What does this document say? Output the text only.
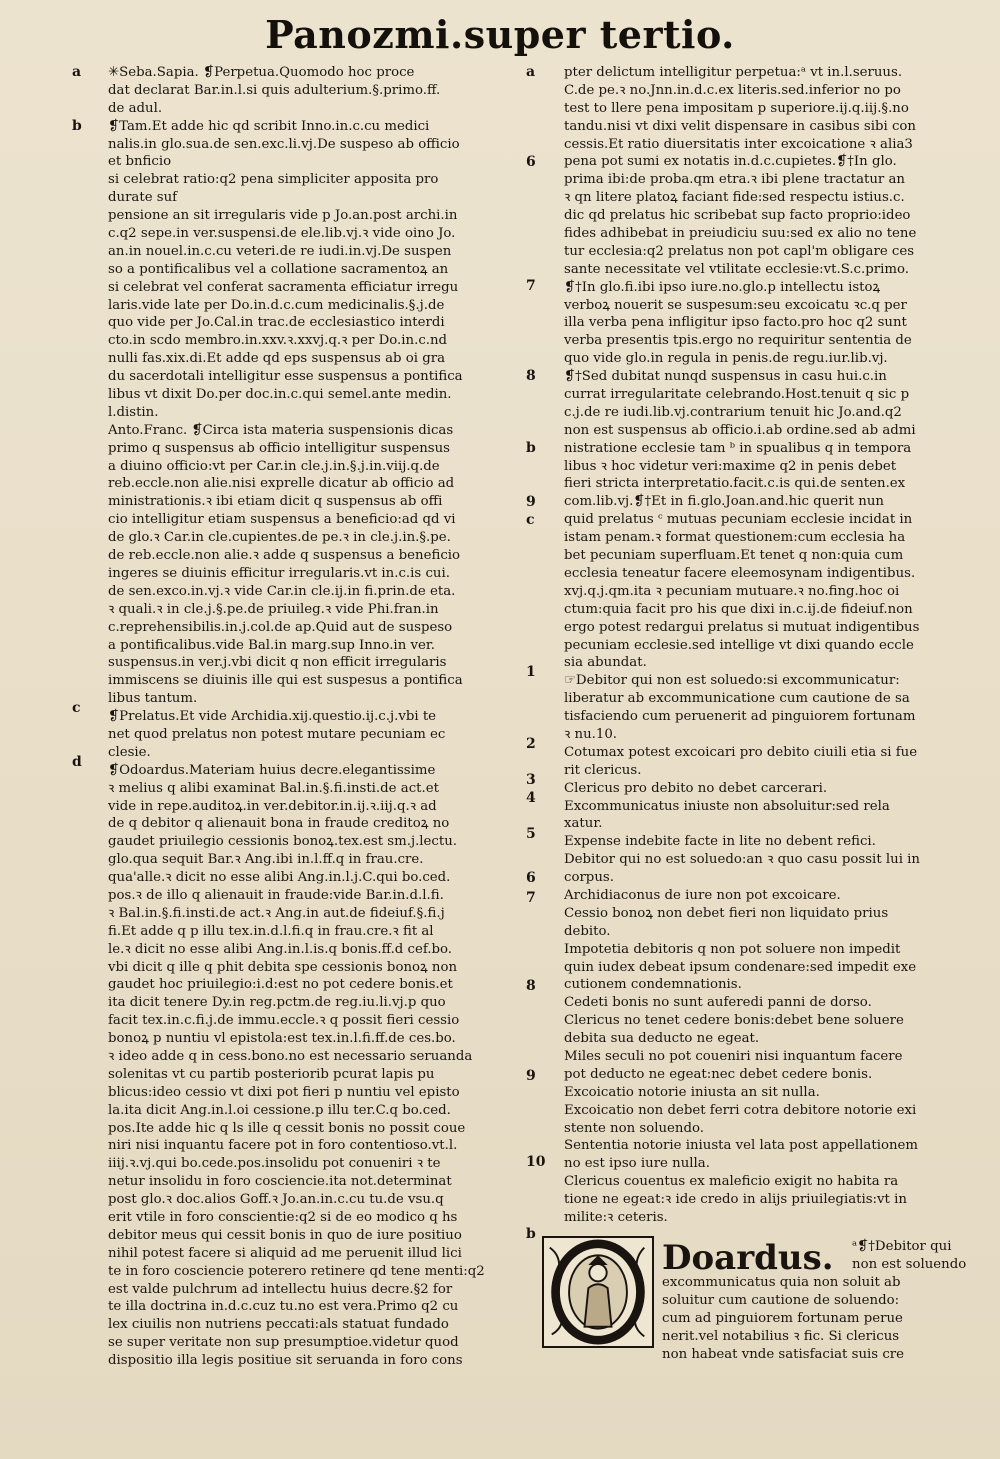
Panozmi.super tertio.
a
b
c
d
a
6
7
8
b
9
c
1
2
3
4
5
6
7
8
9
10
b
✳Seba.Sapia. ❡Perpetua.Quomodo hoc proce
dat declarat Bar.in.l.si quis adulterium.§.primo.ff.
de adul.
❡Tam.Et adde hic qd scribit Inno.in.c.cu medici
nalis.in glo.sua.de sen.exc.li.vj.De suspeso ab officio
et bnficio
si celebrat ratio:q2 pena simpliciter apposita pro
durate suf
pensione an sit irregularis vide p Jo.an.post archi.in
c.q2 sepe.in ver.suspensi.de ele.lib.vj.ꝛ vide oino Jo.
an.in nouel.in.c.cu veteri.de re iudi.in.vj.De suspen
so a pontificalibus vel a collatione sacramentoꝝ an
si celebrat vel conferat sacramenta efficiatur irregu
laris.vide late per Do.in.d.c.cum medicinalis.§.j.de
quo vide per Jo.Cal.in trac.de ecclesiastico interdi
cto.in scdo membro.in.xxv.ꝛ.xxvj.q.ꝛ per Do.in.c.nd
nulli fas.xix.di.Et adde qd eps suspensus ab oi gra
du sacerdotali intelligitur esse suspensus a pontifica
libus vt dixit Do.per doc.in.c.qui semel.ante medin.
l.distin.
Anto.Franc. ❡Circa ista materia suspensionis dicas
primo q suspensus ab officio intelligitur suspensus
a diuino officio:vt per Car.in cle.j.in.§.j.in.viij.q.de
reb.eccle.non alie.nisi exprelle dicatur ab officio ad
ministrationis.ꝛ ibi etiam dicit q suspensus ab offi
cio intelligitur etiam suspensus a beneficio:ad qd vi
de glo.ꝛ Car.in cle.cupientes.de pe.ꝛ in cle.j.in.§.pe.
de reb.eccle.non alie.ꝛ adde q suspensus a beneficio
ingeres se diuinis efficitur irregularis.vt in.c.is cui.
de sen.exco.in.vj.ꝛ vide Car.in cle.ij.in fi.prin.de eta.
ꝛ quali.ꝛ in cle.j.§.pe.de priuileg.ꝛ vide Phi.fran.in
c.reprehensibilis.in.j.col.de ap.Quid aut de suspeso
a pontificalibus.vide Bal.in marg.sup Inno.in ver.
suspensus.in ver.j.vbi dicit q non efficit irregularis
immiscens se diuinis ille qui est suspesus a pontifica
libus tantum.
❡Prelatus.Et vide Archidia.xij.questio.ij.c.j.vbi te
net quod prelatus non potest mutare pecuniam ec
clesie.
❡Odoardus.Materiam huius decre.elegantissime
ꝛ melius q alibi examinat Bal.in.§.fi.insti.de act.et
vide in repe.auditoꝝ.in ver.debitor.in.ij.ꝛ.iij.q.ꝛ ad
de q debitor q alienauit bona in fraude creditoꝝ no
gaudet priuilegio cessionis bonoꝝ.tex.est sm.j.lectu.
glo.qua sequit Bar.ꝛ Ang.ibi in.l.ff.q in frau.cre.
qua'alle.ꝛ dicit no esse alibi Ang.in.l.j.C.qui bo.ced.
pos.ꝛ de illo q alienauit in fraude:vide Bar.in.d.l.fi.
ꝛ Bal.in.§.fi.insti.de act.ꝛ Ang.in aut.de fideiuf.§.fi.j
fi.Et adde q p illu tex.in.d.l.fi.q in frau.cre.ꝛ fit al
le.ꝛ dicit no esse alibi Ang.in.l.is.q bonis.ff.d cef.bo.
vbi dicit q ille q phit debita spe cessionis bonoꝝ non
gaudet hoc priuilegio:i.d:est no pot cedere bonis.et
ita dicit tenere Dy.in reg.pctm.de reg.iu.li.vj.p quo
facit tex.in.c.fi.j.de immu.eccle.ꝛ q possit fieri cessio
bonoꝝ p nuntiu vl epistola:est tex.in.l.fi.ff.de ces.bo.
ꝛ ideo adde q in cess.bono.no est necessario seruanda
solenitas vt cu partib posteriorib pcurat lapis pu
blicus:ideo cessio vt dixi pot fieri p nuntiu vel episto
la.ita dicit Ang.in.l.oi cessione.p illu ter.C.q bo.ced.
pos.Ite adde hic q ls ille q cessit bonis no possit coue
niri nisi inquantu facere pot in foro contentioso.vt.l.
iiij.ꝛ.vj.qui bo.cede.pos.insolidu pot conueniri ꝛ te
netur insolidu in foro cosciencie.ita not.determinat
post glo.ꝛ doc.alios Goff.ꝛ Jo.an.in.c.cu tu.de vsu.q
erit vtile in foro conscientie:q2 si de eo modico q hs
debitor meus qui cessit bonis in quo de iure positiuo
nihil potest facere si aliquid ad me peruenit illud lici
te in foro cosciencie poterero retinere qd tene menti:q2
est valde pulchrum ad intellectu huius decre.§2 for
te illa doctrina in.d.c.cuz tu.no est vera.Primo q2 cu
lex ciuilis non nutriens peccati:als statuat fundado
se super veritate non sup presumptioe.videtur quod
dispositio illa legis positiue sit seruanda in foro cons
pter delictum intelligitur perpetua:ᵃ vt in.l.seruus.
C.de pe.ꝛ no.Jnn.in.d.c.ex literis.sed.inferior no po
test to llere pena impositam p superiore.ij.q.iij.§.no
tandu.nisi vt dixi velit dispensare in casibus sibi con
cessis.Et ratio diuersitatis inter excoicatione ꝛ alia3
pena pot sumi ex notatis in.d.c.cupietes.❡†In glo.
prima ibi:de proba.qm etra.ꝛ ibi plene tractatur an
ꝛ qn litere platoꝝ faciant fide:sed respectu istius.c.
dic qd prelatus hic scribebat sup facto proprio:ideo
fides adhibebat in preiudiciu suu:sed ex alio no tene
tur ecclesia:q2 prelatus non pot capl'm obligare ces
sante necessitate vel vtilitate ecclesie:vt.S.c.primo.
❡†In glo.fi.ibi ipso iure.no.glo.p intellectu istoꝝ
verboꝝ nouerit se suspesum:seu excoicatu ꝛc.q per
illa verba pena infligitur ipso facto.pro hoc q2 sunt
verba presentis tpis.ergo no requiritur sententia de
quo vide glo.in regula in penis.de regu.iur.lib.vj.
❡†Sed dubitat nunqd suspensus in casu hui.c.in
currat irregularitate celebrando.Host.tenuit q sic p
c.j.de re iudi.lib.vj.contrarium tenuit hic Jo.and.q2
non est suspensus ab officio.i.ab ordine.sed ab admi
nistratione ecclesie tam ᵇ in spualibus q in tempora
libus ꝛ hoc videtur veri:maxime q2 in penis debet
fieri stricta interpretatio.facit.c.is qui.de senten.ex
com.lib.vj.❡†Et in fi.glo.Joan.and.hic querit nun
quid prelatus ᶜ mutuas pecuniam ecclesie incidat in
istam penam.ꝛ format questionem:cum ecclesia ha
bet pecuniam superfluam.Et tenet q non:quia cum
ecclesia teneatur facere eleemosynam indigentibus.
xvj.q.j.qm.ita ꝛ pecuniam mutuare.ꝛ no.fing.hoc oi
ctum:quia facit pro his que dixi in.c.ij.de fideiuf.non
ergo potest redargui prelatus si mutuat indigentibus
pecuniam ecclesie.sed intellige vt dixi quando eccle
sia abundat.
☞Debitor qui non est soluedo:si excommunicatur:
liberatur ab excommunicatione cum cautione de sa
tisfaciendo cum peruenerit ad pinguiorem fortunam
ꝛ nu.10.
Cotumax potest excoicari pro debito ciuili etia si fue
rit clericus.
Clericus pro debito no debet carcerari.
Excommunicatus iniuste non absoluitur:sed rela
xatur.
Expense indebite facte in lite no debent refici.
Debitor qui no est soluedo:an ꝛ quo casu possit lui in
corpus.
Archidiaconus de iure non pot excoicare.
Cessio bonoꝝ non debet fieri non liquidato prius
debito.
Impotetia debitoris q non pot soluere non impedit
quin iudex debeat ipsum condenare:sed impedit exe
cutionem condemnationis.
Cedeti bonis no sunt auferedi panni de dorso.
Clericus no tenet cedere bonis:debet bene soluere
debita sua deducto ne egeat.
Miles seculi no pot coueniri nisi inquantum facere
pot deducto ne egeat:nec debet cedere bonis.
Excoicatio notorie iniusta an sit nulla.
Excoicatio non debet ferri cotra debitore notorie exi
stente non soluendo.
Sententia notorie iniusta vel lata post appellationem
no est ipso iure nulla.
Clericus couentus ex maleficio exigit no habita ra
tione ne egeat:ꝛ ide credo in alijs priuilegiatis:vt in
milite:ꝛ ceteris.
Doardus.	ᵃ❡†Debitor qui
non est soluendo
excommunicatus quia non soluit ab
soluitur cum cautione de soluendo:
cum ad pinguiorem fortunam perue
nerit.vel notabilius ꝛ fic. Si clericus
non habeat vnde satisfaciat suis cre
